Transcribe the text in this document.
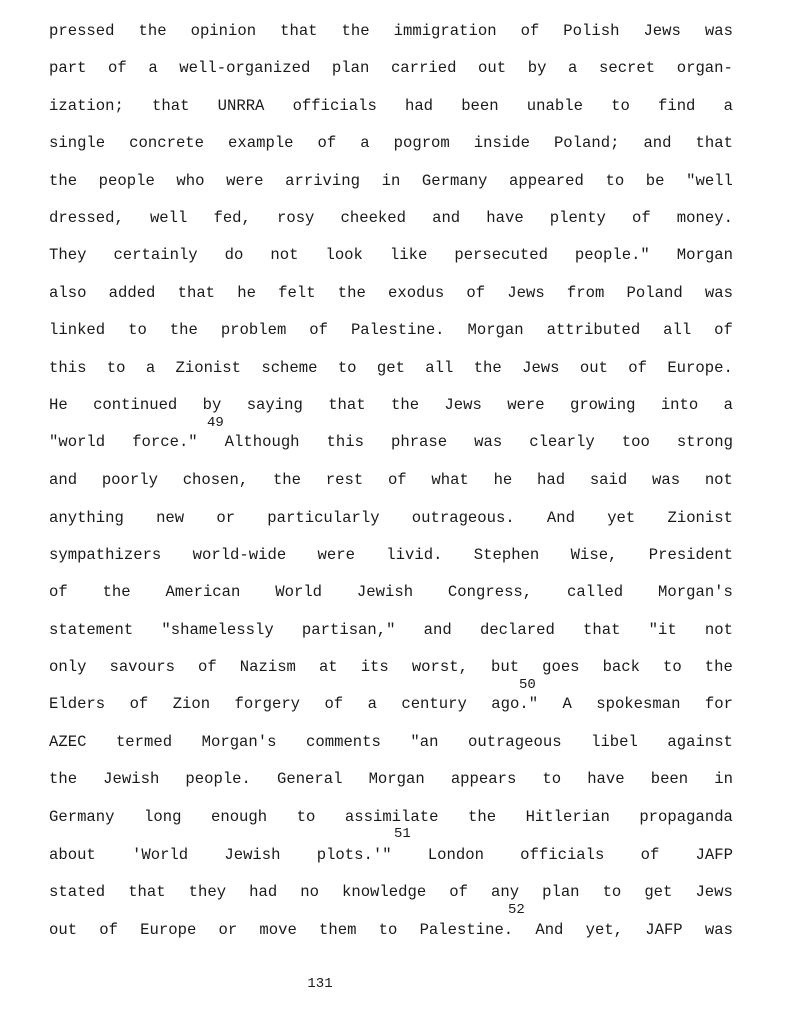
pressed the opinion that the immigration of Polish Jews was
part of a well-organized plan carried out by a secret organ-
ization; that UNRRA officials had been unable to find a
single concrete example of a pogrom inside Poland; and that
the people who were arriving in Germany appeared to be "well
dressed, well fed, rosy cheeked and have plenty of money.
They certainly do not look like persecuted people." Morgan
also added that he felt the exodus of Jews from Poland was
linked to the problem of Palestine. Morgan attributed all of
this to a Zionist scheme to get all the Jews out of Europe.
He continued by saying that the Jews were growing into a
"world force." Although this phrase was clearly too strong
and poorly chosen, the rest of what he had said was not
anything new or particularly outrageous. And yet Zionist
sympathizers world-wide were livid. Stephen Wise, President
of the American World Jewish Congress, called Morgan's
statement "shamelessly partisan," and declared that "it not
only savours of Nazism at its worst, but goes back to the
Elders of Zion forgery of a century ago." A spokesman for
AZEC termed Morgan's comments "an outrageous libel against
the Jewish people. General Morgan appears to have been in
Germany long enough to assimilate the Hitlerian propaganda
about 'World Jewish plots.'" London officials of JAFP
stated that they had no knowledge of any plan to get Jews
out of Europe or move them to Palestine. And yet, JAFP was
49
50
51
52
131
